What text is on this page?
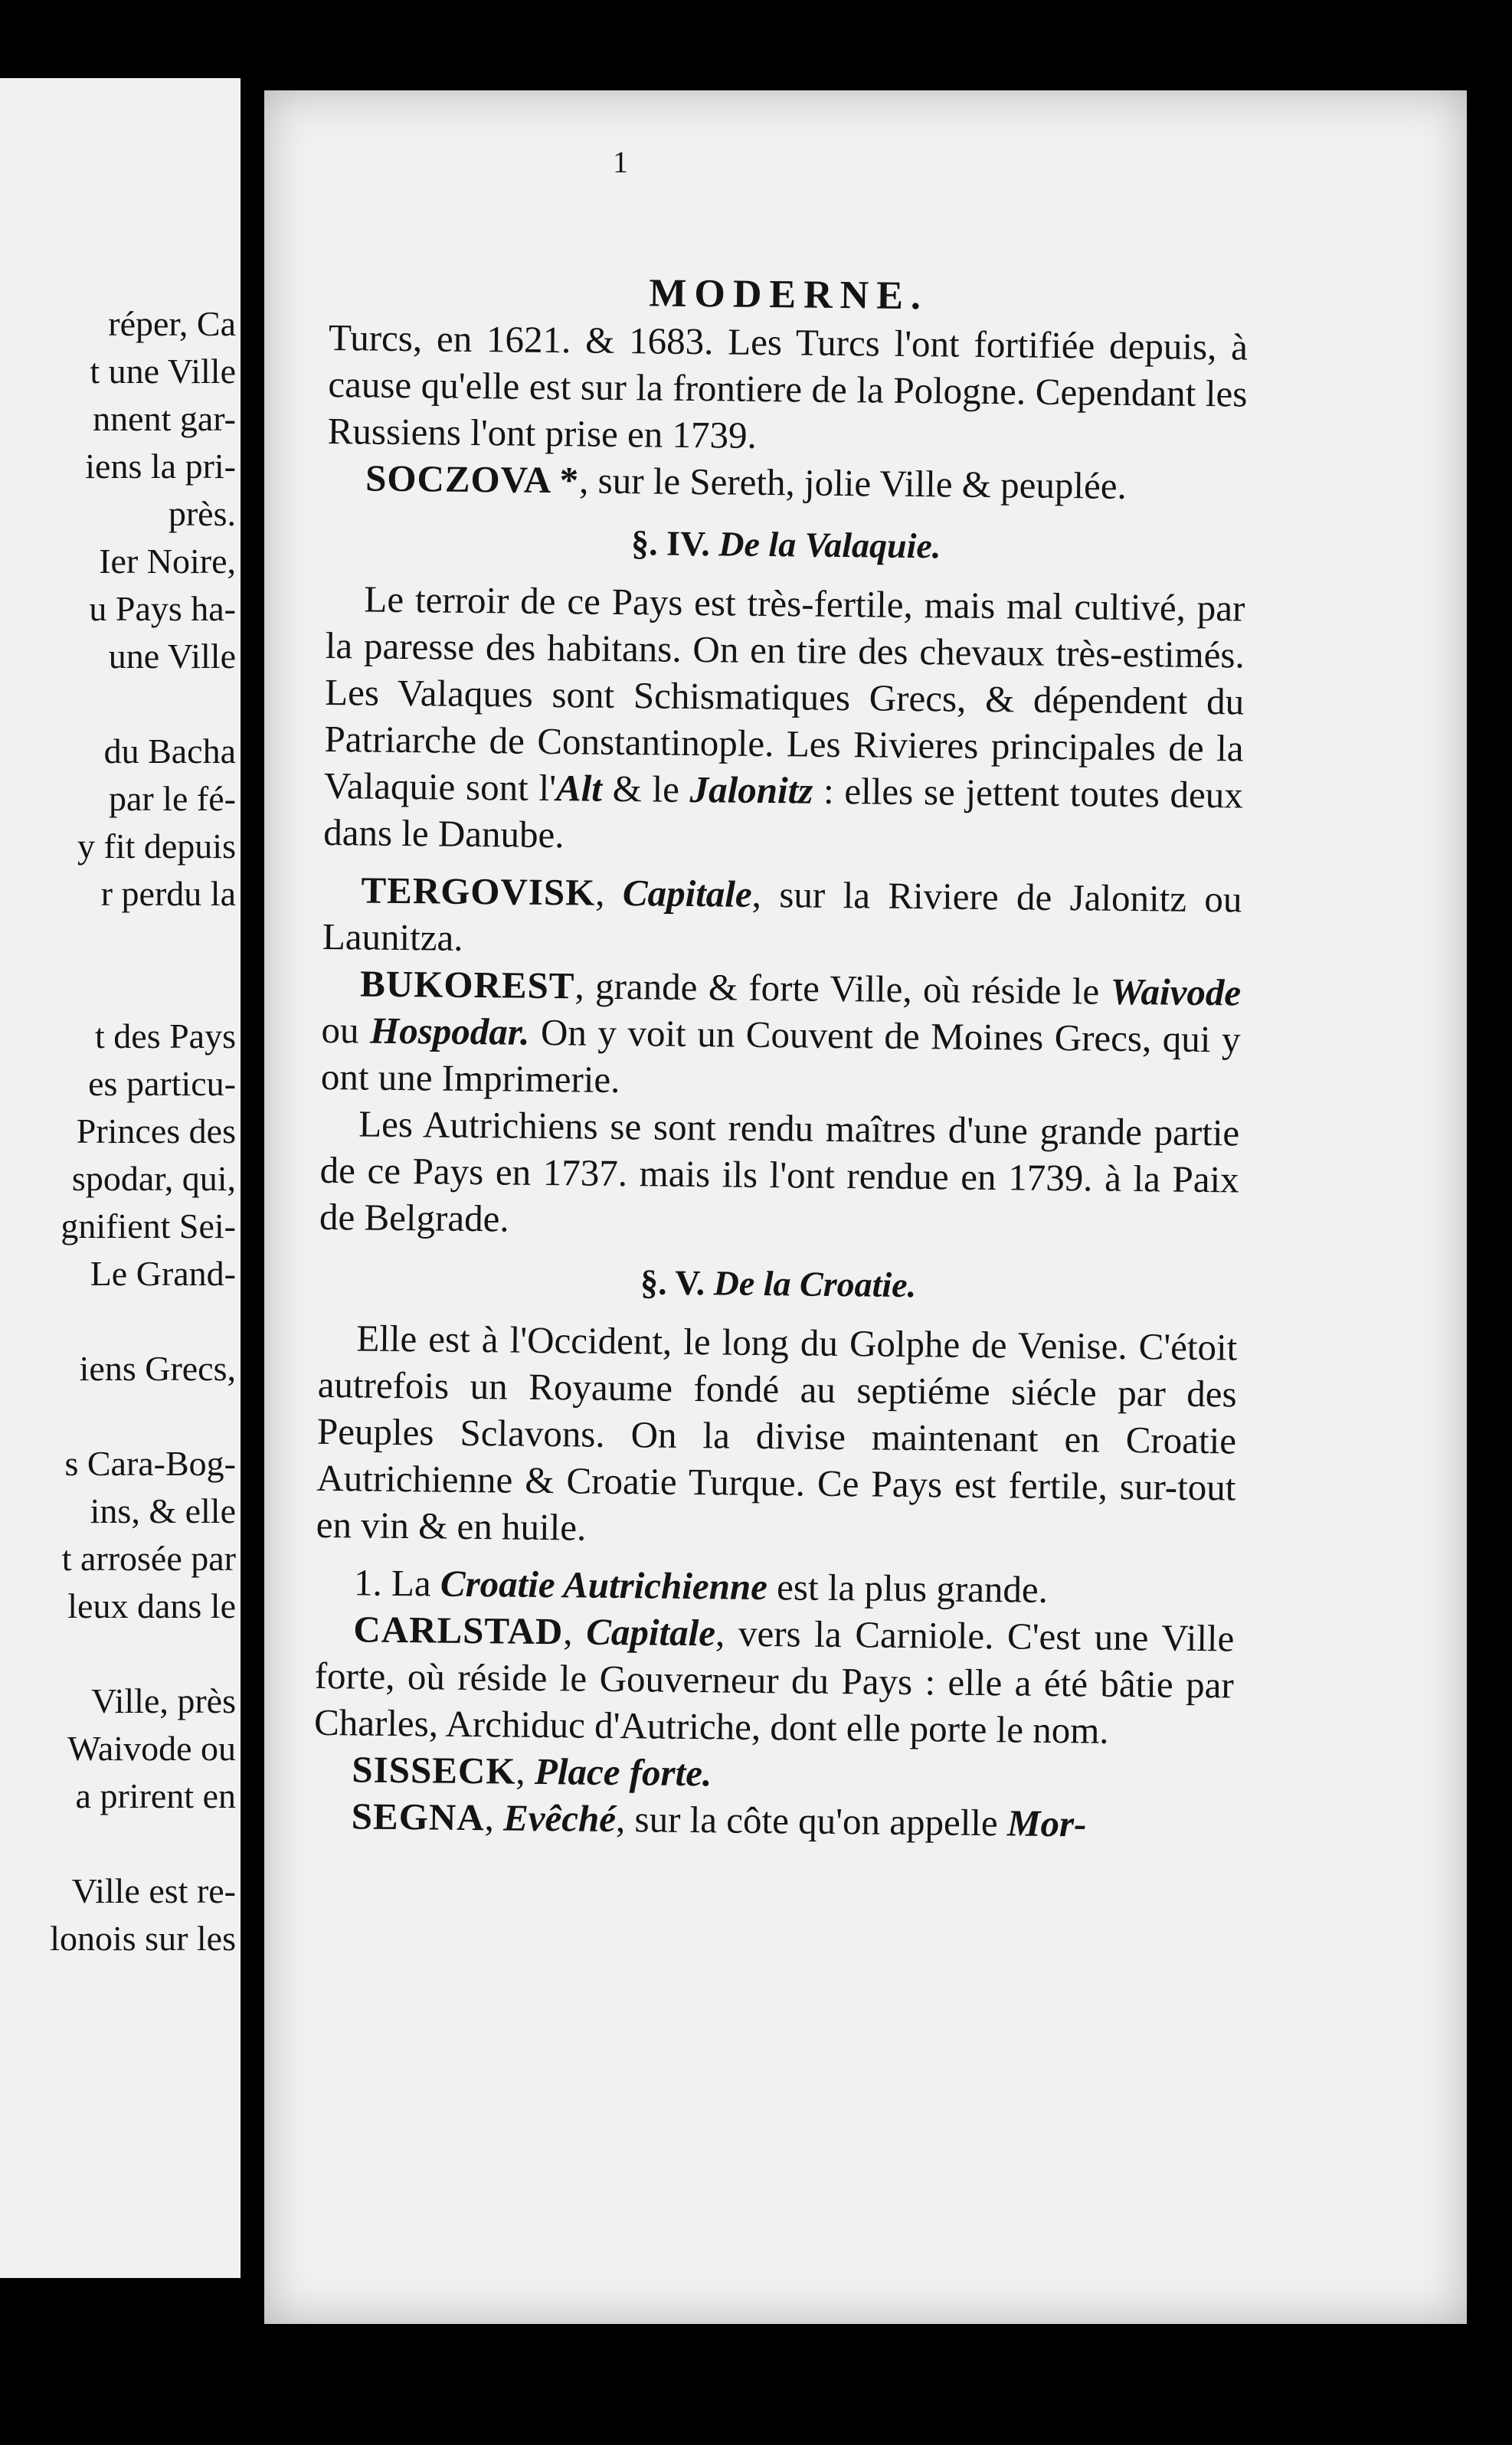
réper, Ca
t une Ville
nnent gar-
iens la pri-
près.
Ier Noire,
u Pays ha-
une Ville

du Bacha
par le fé-
y fit depuis
r perdu la

t des Pays
es particu-
Princes des
spodar, qui,
gnifient Sei-
Le Grand-

iens Grecs,

s Cara-Bog-
ins, & elle
t arrosée par
leux dans le

Ville, près
Waivode ou
a prirent en

Ville est re-
lonois sur les
1
MODERNE.

Turcs, en 1621. & 1683. Les Turcs l'ont fortifiée depuis, à cause qu'elle est sur la frontiere de la Pologne. Cependant les Russiens l'ont prise en 1739.

SOCZOVA *, sur le Sereth, jolie Ville & peuplée.

§. IV. De la Valaquie.

Le terroir de ce Pays est très-fertile, mais mal cultivé, par la paresse des habitans. On en tire des chevaux très-estimés. Les Valaques sont Schismatiques Grecs, & dépendent du Patriarche de Constantinople. Les Rivieres principales de la Valaquie sont l'Alt & le Jalonitz : elles se jettent toutes deux dans le Danube.

TERGOVISK, Capitale, sur la Riviere de Jalonitz ou Launitza.

BUKOREST, grande & forte Ville, où réside le Waivode ou Hospodar. On y voit un Couvent de Moines Grecs, qui y ont une Imprimerie.

Les Autrichiens se sont rendu maîtres d'une grande partie de ce Pays en 1737. mais ils l'ont rendue en 1739. à la Paix de Belgrade.

§. V. De la Croatie.

Elle est à l'Occident, le long du Golphe de Venise. C'étoit autrefois un Royaume fondé au septiéme siécle par des Peuples Sclavons. On la divise maintenant en Croatie Autrichienne & Croatie Turque. Ce Pays est fertile, sur-tout en vin & en huile.

1. La Croatie Autrichienne est la plus grande.

CARLSTAD, Capitale, vers la Carniole. C'est une Ville forte, où réside le Gouverneur du Pays : elle a été bâtie par Charles, Archiduc d'Autriche, dont elle porte le nom.

SISSECK, Place forte.

SEGNA, Evêché, sur la côte qu'on appelle Mor-
